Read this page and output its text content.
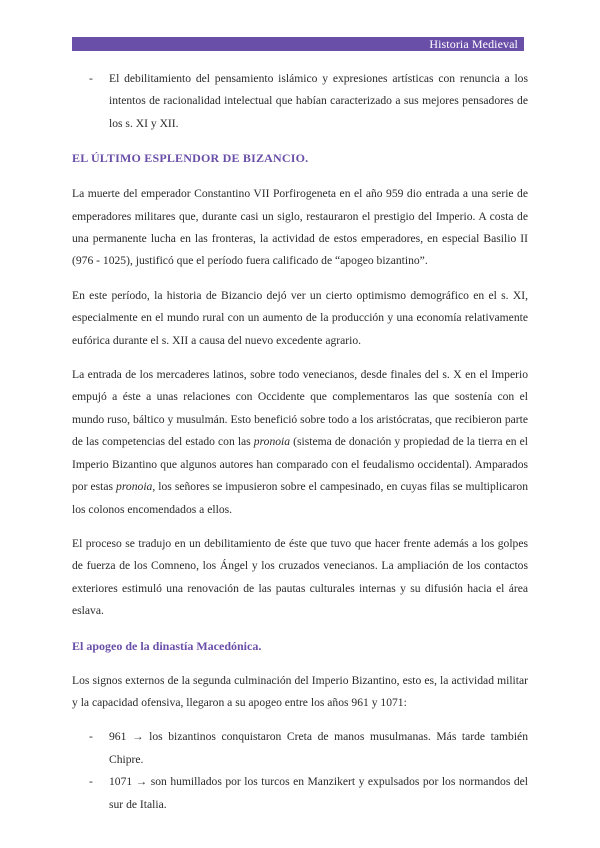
Historia Medieval
- El debilitamiento del pensamiento islámico y expresiones artísticas con renuncia a los intentos de racionalidad intelectual que habían caracterizado a sus mejores pensadores de los s. XI y XII.
EL ÚLTIMO ESPLENDOR DE BIZANCIO.

La muerte del emperador Constantino VII Porfirogeneta en el año 959 dio entrada a una serie de emperadores militares que, durante casi un siglo, restauraron el prestigio del Imperio. A costa de una permanente lucha en las fronteras, la actividad de estos emperadores, en especial Basilio II (976 - 1025), justificó que el período fuera calificado de “apogeo bizantino”.

En este período, la historia de Bizancio dejó ver un cierto optimismo demográfico en el s. XI, especialmente en el mundo rural con un aumento de la producción y una economía relativamente eufórica durante el s. XII a causa del nuevo excedente agrario.

La entrada de los mercaderes latinos, sobre todo venecianos, desde finales del s. X en el Imperio empujó a éste a unas relaciones con Occidente que complementaros las que sostenía con el mundo ruso, báltico y musulmán. Esto benefició sobre todo a los aristócratas, que recibieron parte de las competencias del estado con las pronoia (sistema de donación y propiedad de la tierra en el Imperio Bizantino que algunos autores han comparado con el feudalismo occidental). Amparados por estas pronoia, los señores se impusieron sobre el campesinado, en cuyas filas se multiplicaron los colonos encomendados a ellos.

El proceso se tradujo en un debilitamiento de éste que tuvo que hacer frente además a los golpes de fuerza de los Comneno, los Ángel y los cruzados venecianos. La ampliación de los contactos exteriores estimuló una renovación de las pautas culturales internas y su difusión hacia el área eslava.

El apogeo de la dinastía Macedónica.

Los signos externos de la segunda culminación del Imperio Bizantino, esto es, la actividad militar y la capacidad ofensiva, llegaron a su apogeo entre los años 961 y 1071:

- 961 → los bizantinos conquistaron Creta de manos musulmanas. Más tarde también Chipre.
- 1071 → son humillados por los turcos en Manzikert y expulsados por los normandos del sur de Italia.
